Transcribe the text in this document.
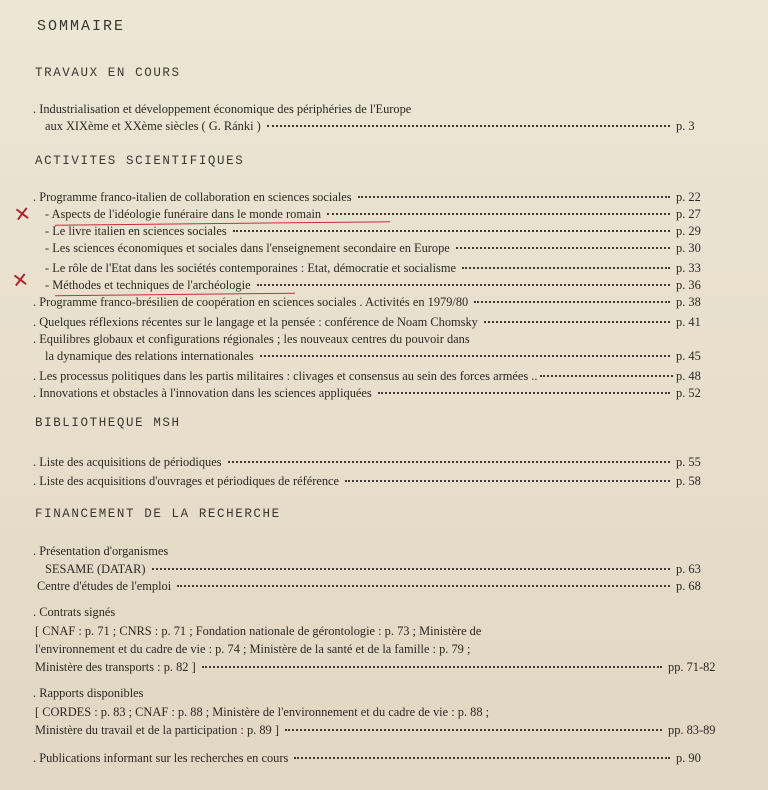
SOMMAIRE
TRAVAUX EN COURS
. Industrialisation et développement économique des périphéries de l'Europe
aux XIXème et XXème siècles ( G. Ránki )	p. 3
ACTIVITES SCIENTIFIQUES
. Programme franco-italien de collaboration en sciences sociales	p. 22
- Aspects de l'idéologie funéraire dans le monde romain	p. 27
- Le livre italien en sciences sociales	p. 29
- Les sciences économiques et sociales dans l'enseignement secondaire en Europe	p. 30
- Le rôle de l'Etat dans les sociétés contemporaines : Etat, démocratie et socialisme	p. 33
- Méthodes et techniques de l'archéologie	p. 36
. Programme franco-brésilien de coopération en sciences sociales . Activités en 1979/80	p. 38
. Quelques réflexions récentes sur le langage et la pensée : conférence de Noam Chomsky	p. 41
. Equilibres globaux et configurations régionales ; les nouveaux centres du pouvoir dans
la dynamique des relations internationales	p. 45
. Les processus politiques dans les partis militaires : clivages et consensus au sein des forces armées ..	p. 48
. Innovations et obstacles à l'innovation dans les sciences appliquées	p. 52
BIBLIOTHEQUE MSH
. Liste des acquisitions de périodiques	p. 55
. Liste des acquisitions d'ouvrages et périodiques de référence	p. 58
FINANCEMENT DE LA RECHERCHE
. Présentation d'organismes
SESAME (DATAR)	p. 63
Centre d'études de l'emploi	p. 68
. Contrats signés
[ CNAF : p. 71 ; CNRS : p. 71 ; Fondation nationale de gérontologie : p. 73 ; Ministère de
l'environnement et du cadre de vie : p. 74 ; Ministère de la santé et de la famille : p. 79 ;
Ministère des transports : p. 82 ]	pp. 71-82
. Rapports disponibles
[ CORDES : p. 83 ; CNAF : p. 88 ; Ministère de l'environnement et du cadre de vie : p. 88 ;
Ministère du travail et de la participation : p. 89 ]	pp. 83-89
. Publications informant sur les recherches en cours	p. 90
✕
✕
